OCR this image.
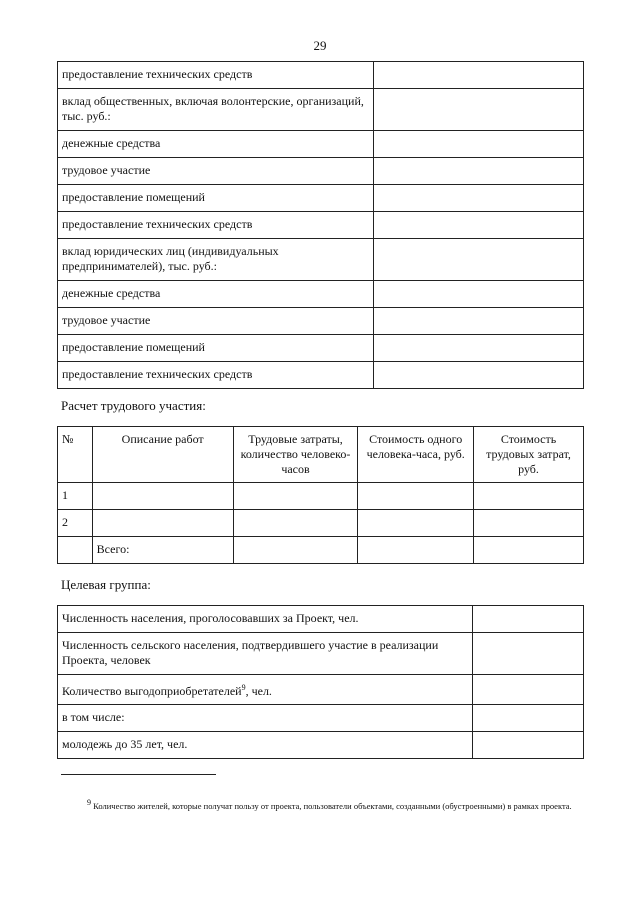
29
предоставление технических средств	
вклад общественных, включая волонтерские, организаций, тыс. руб.:	
денежные средства	
трудовое участие	
предоставление помещений	
предоставление технических средств	
вклад юридических лиц (индивидуальных предпринимателей), тыс. руб.:	
денежные средства	
трудовое участие	
предоставление помещений	
предоставление технических средств	
Расчет трудового участия:
№	Описание работ	Трудовые затраты, количество человеко-часов	Стоимость одного человека-часа, руб.	Стоимость трудовых затрат, руб.
1				
2				
	Всего:			
Целевая группа:
Численность населения, проголосовавших за Проект, чел.	
Численность сельского населения, подтвердившего участие в реализации Проекта, человек	
Количество выгодоприобретателей$^9$, чел.	
в том числе:	
молодежь до 35 лет, чел.	
$^9$ Количество жителей, которые получат пользу от проекта, пользователи объектами, созданными (обустроенными) в рамках проекта.
